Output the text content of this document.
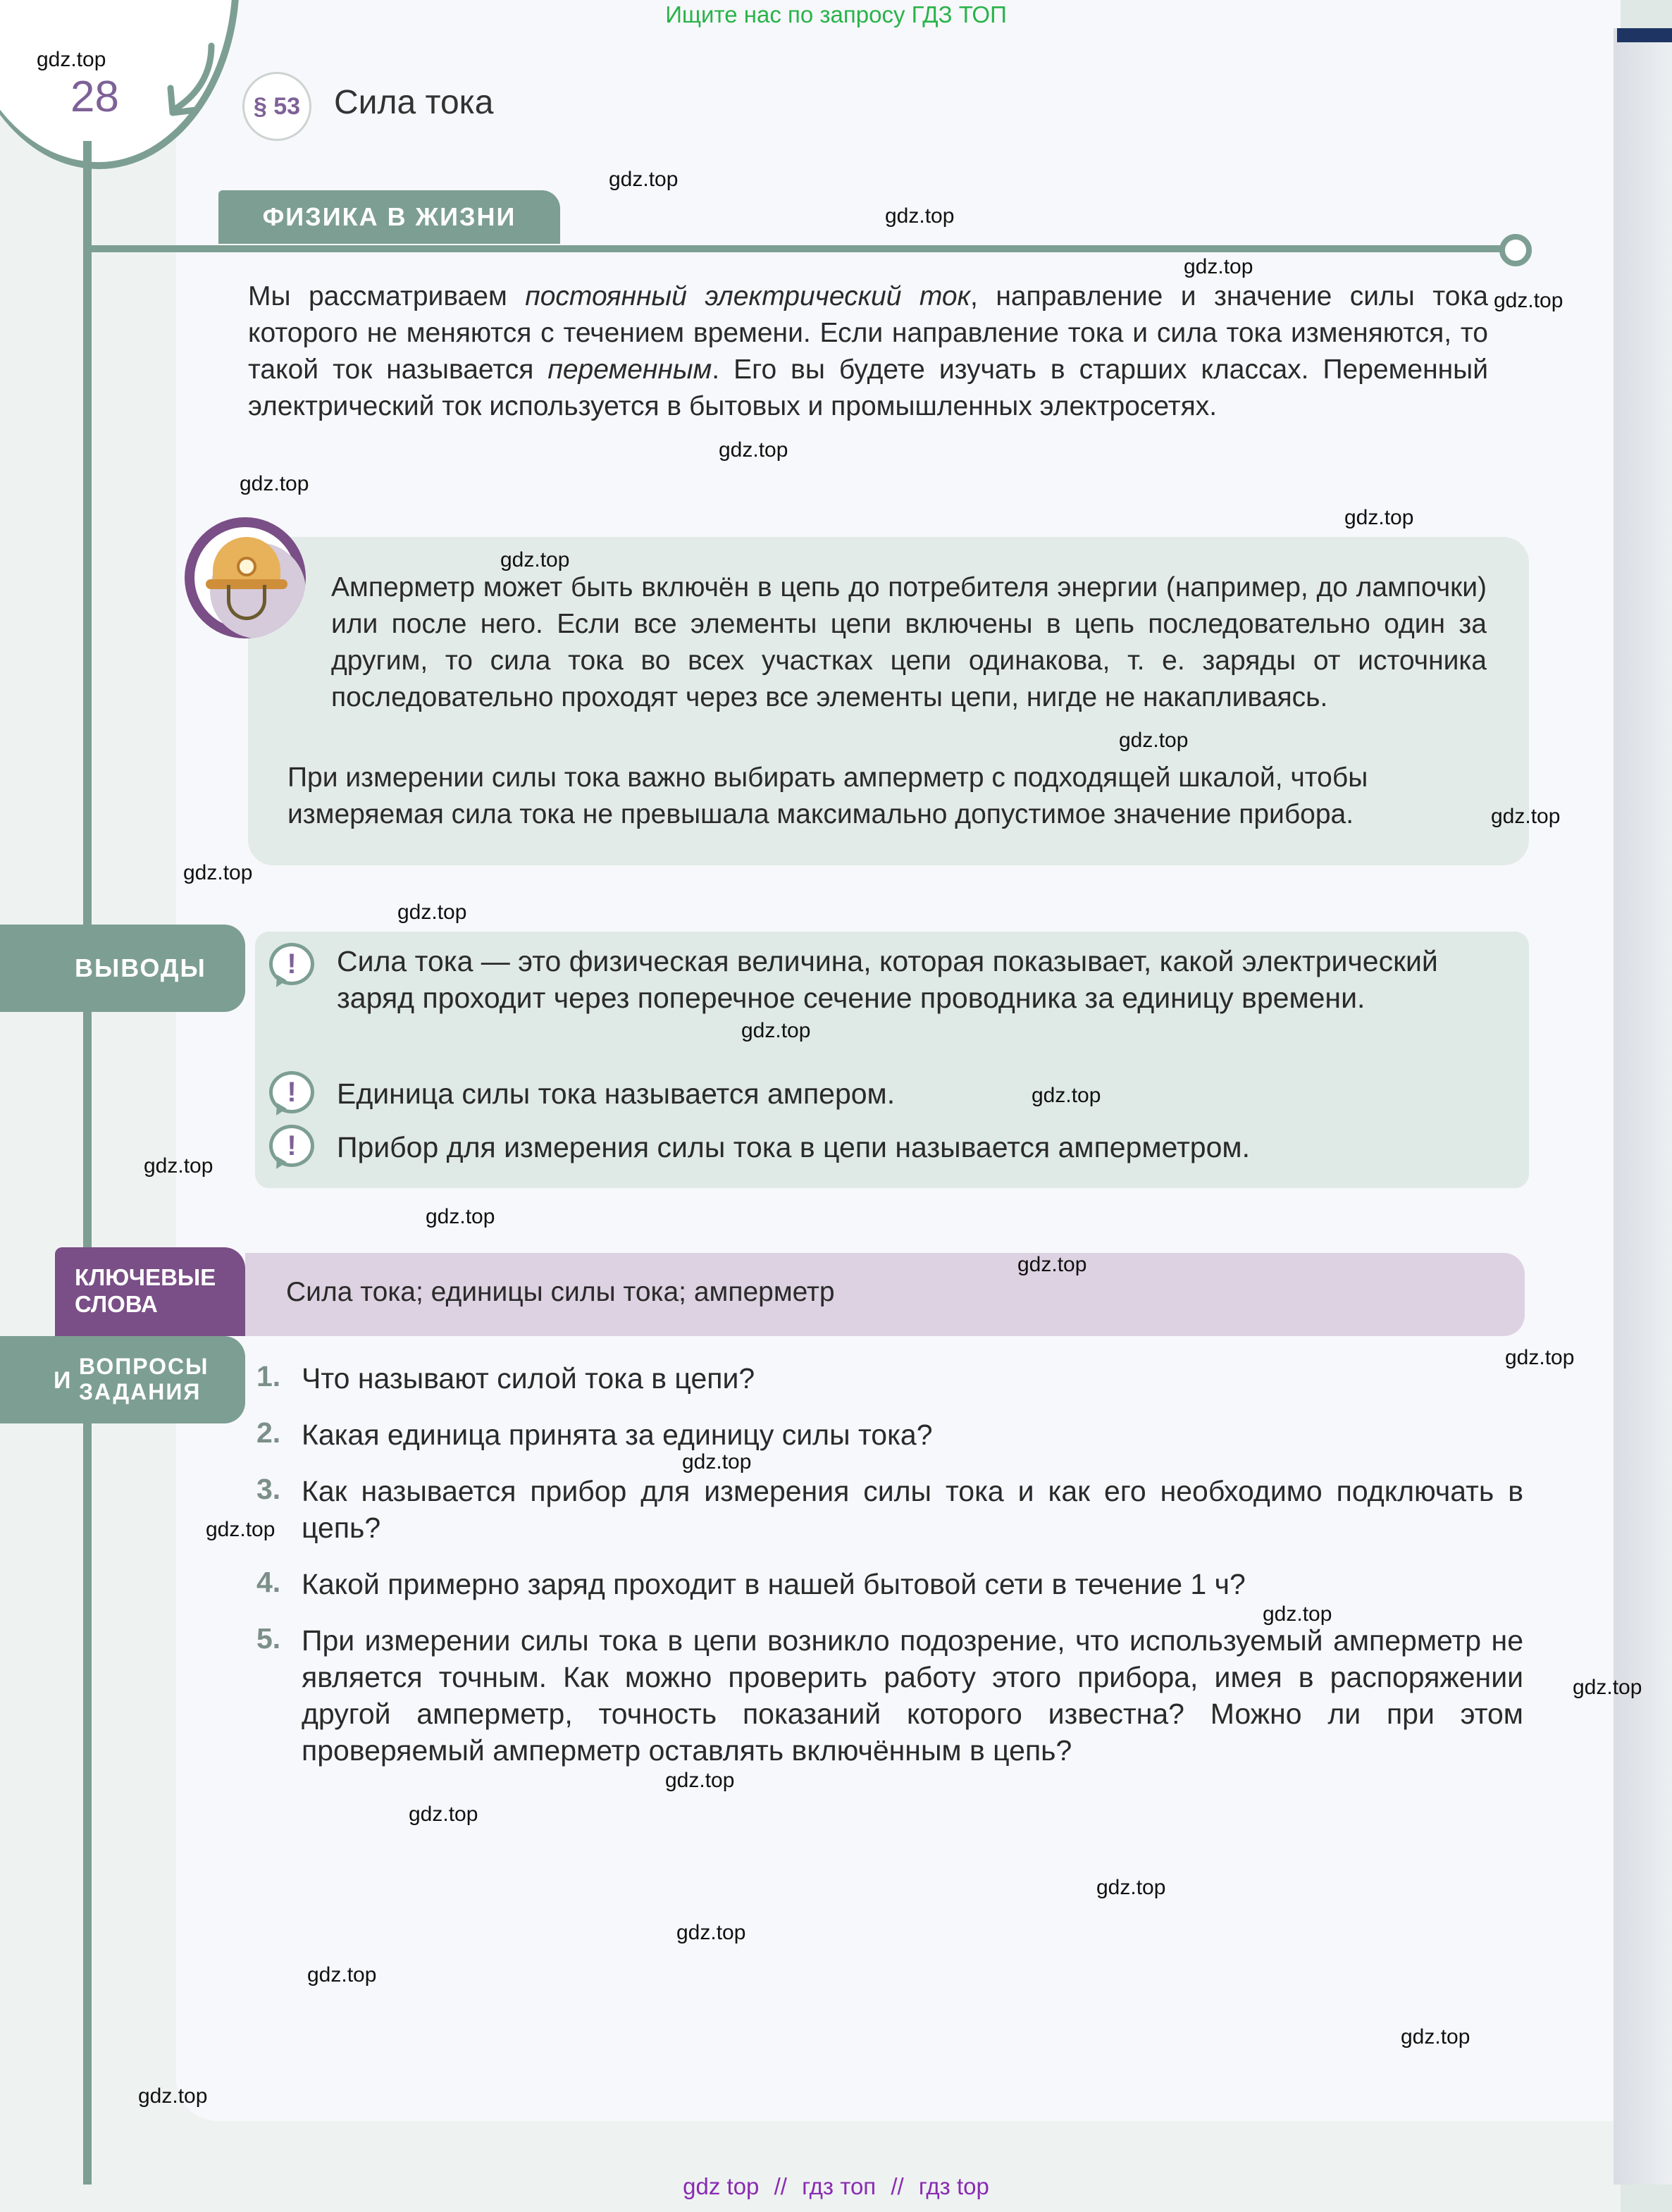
Ищите нас по запросу ГДЗ ТОП
28	§ 53 Сила тока
ФИЗИКА В ЖИЗНИ
Мы рассматриваем постоянный электрический ток, направление и значение силы тока которого не меняются с течением времени. Если направление тока и сила тока изменяются, то такой ток называется переменным. Его вы будете изучать в старших классах. Переменный электрический ток используется в бытовых и промышленных электросетях.
Амперметр может быть включён в цепь до потребителя энергии (например, до лампочки) или после него. Если все элементы цепи включены в цепь последовательно один за другим, то сила тока во всех участках цепи одинакова, т. е. заряды от источника последовательно проходят через все элементы цепи, нигде не накапливаясь.
При измерении силы тока важно выбирать амперметр с подходящей шкалой, чтобы измеряемая сила тока не превышала максимально допустимое значение прибора.
ВЫВОДЫ	!	Сила тока — это физическая величина, которая показывает, какой электрический заряд проходит через поперечное сечение проводника за единицу времени.
!	Единица силы тока называется ампером.
!	Прибор для измерения силы тока в цепи называется амперметром.
КЛЮЧЕВЫЕ
СЛОВА	Сила тока; единицы силы тока; амперметр
И
ВОПРОСЫ
ЗАДАНИЯ 1. Что называют силой тока в цепи?
2. Какая единица принята за единицу силы тока?
3. Как называется прибор для измерения силы тока и как его необходимо подключать в цепь?
4. Какой примерно заряд проходит в нашей бытовой сети в течение 1 ч?
5. При измерении силы тока в цепи возникло подозрение, что используемый амперметр не является точным. Как можно проверить работу этого прибора, имея в распоряжении другой амперметр, точность показаний которого известна? Можно ли при этом проверяемый амперметр оставлять включённым в цепь?
gdz.top
gdz.top
gdz.top
gdz.top
gdz.top
gdz.top
gdz.top
gdz.top
gdz.top
gdz.top
gdz.top
gdz.top
gdz.top
gdz.top
gdz.top
gdz.top
gdz.top
gdz.top
gdz.top
gdz.top
gdz.top
gdz.top
gdz.top
gdz.top
gdz.top
gdz.top
gdz.top
gdz.top
gdz.top
gdz.top
gdz top // гдз топ // гдз top
